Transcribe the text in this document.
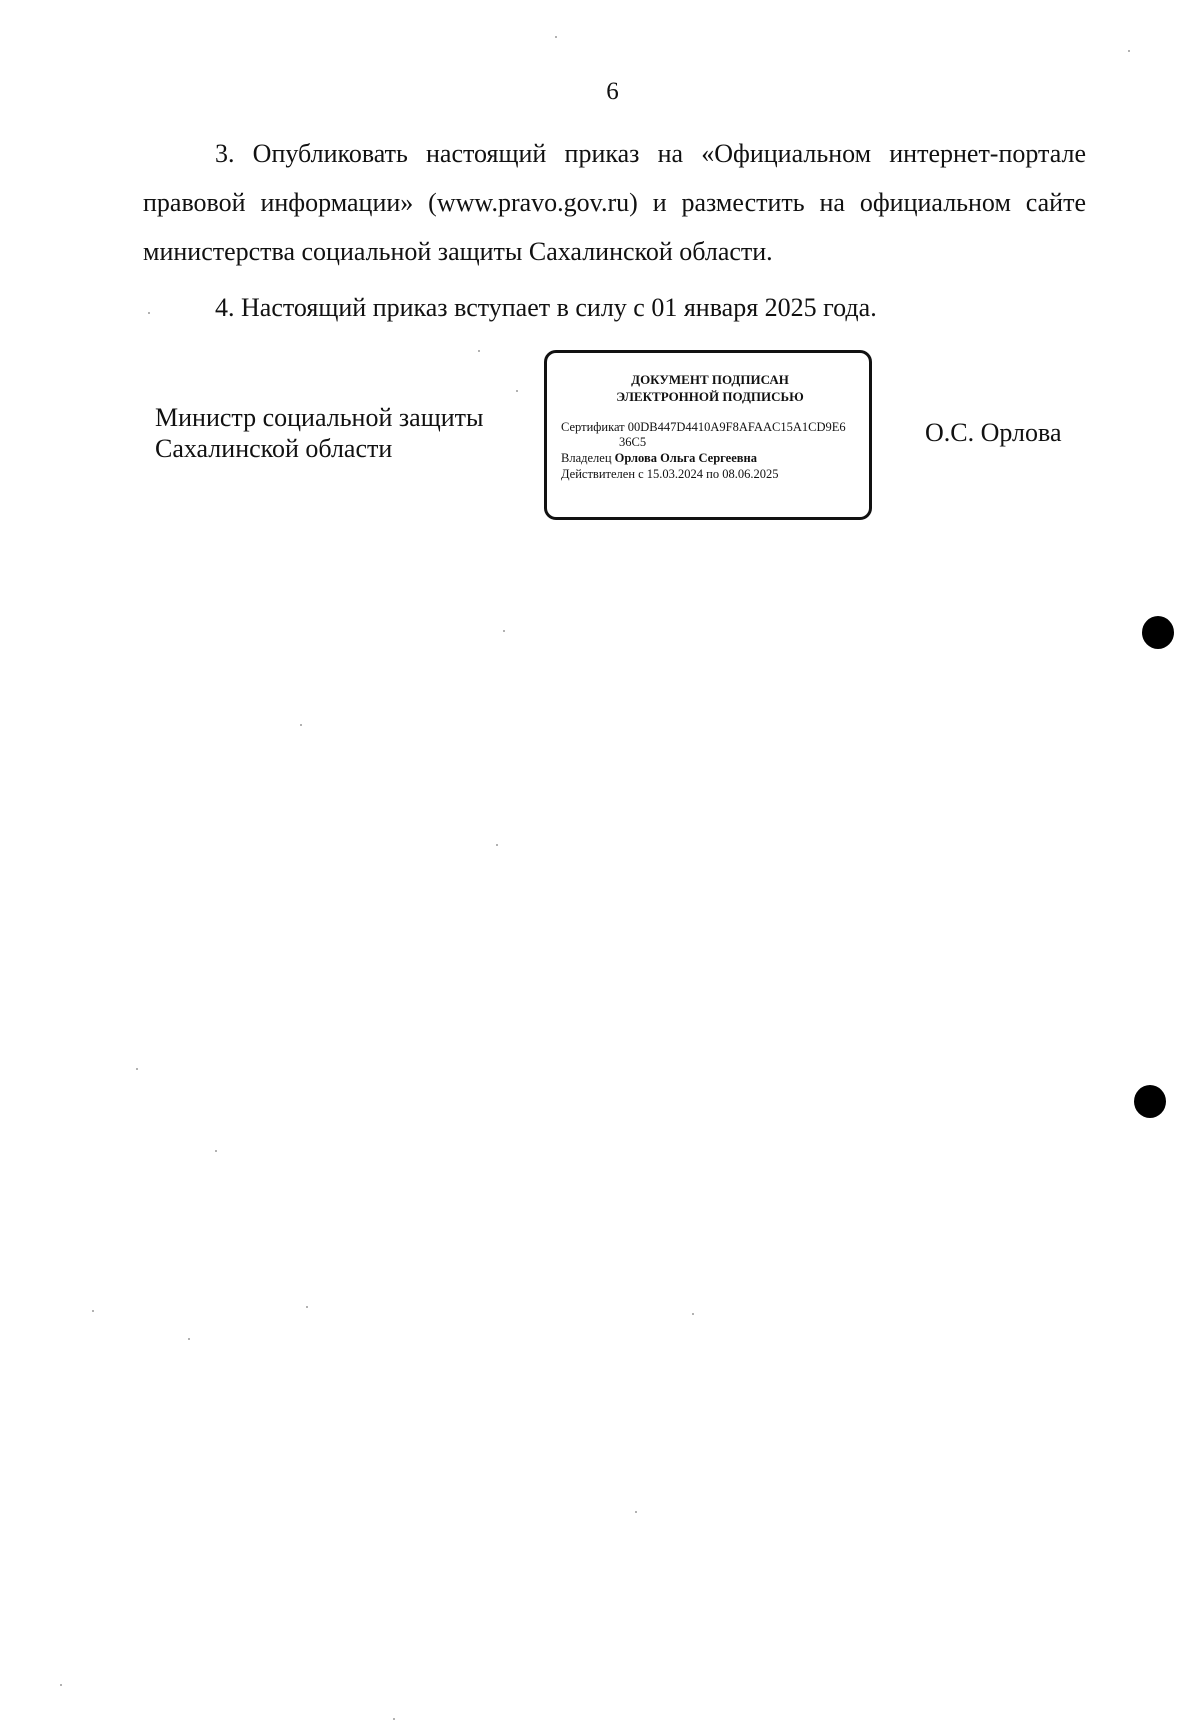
6
3. Опубликовать настоящий приказ на «Официальном интернет-портале правовой информации» (www.pravo.gov.ru) и разместить на официальном сайте министерства социальной защиты Сахалинской области.
4. Настоящий приказ вступает в силу с 01 января 2025 года.
Министр социальной защиты
Сахалинской области
ДОКУМЕНТ ПОДПИСАН
ЭЛЕКТРОННОЙ ПОДПИСЬЮ
Сертификат 00DB447D4410A9F8AFAAC15A1CD9E6
36C5
Владелец Орлова Ольга Сергеевна
Действителен с 15.03.2024 по 08.06.2025
О.С. Орлова
